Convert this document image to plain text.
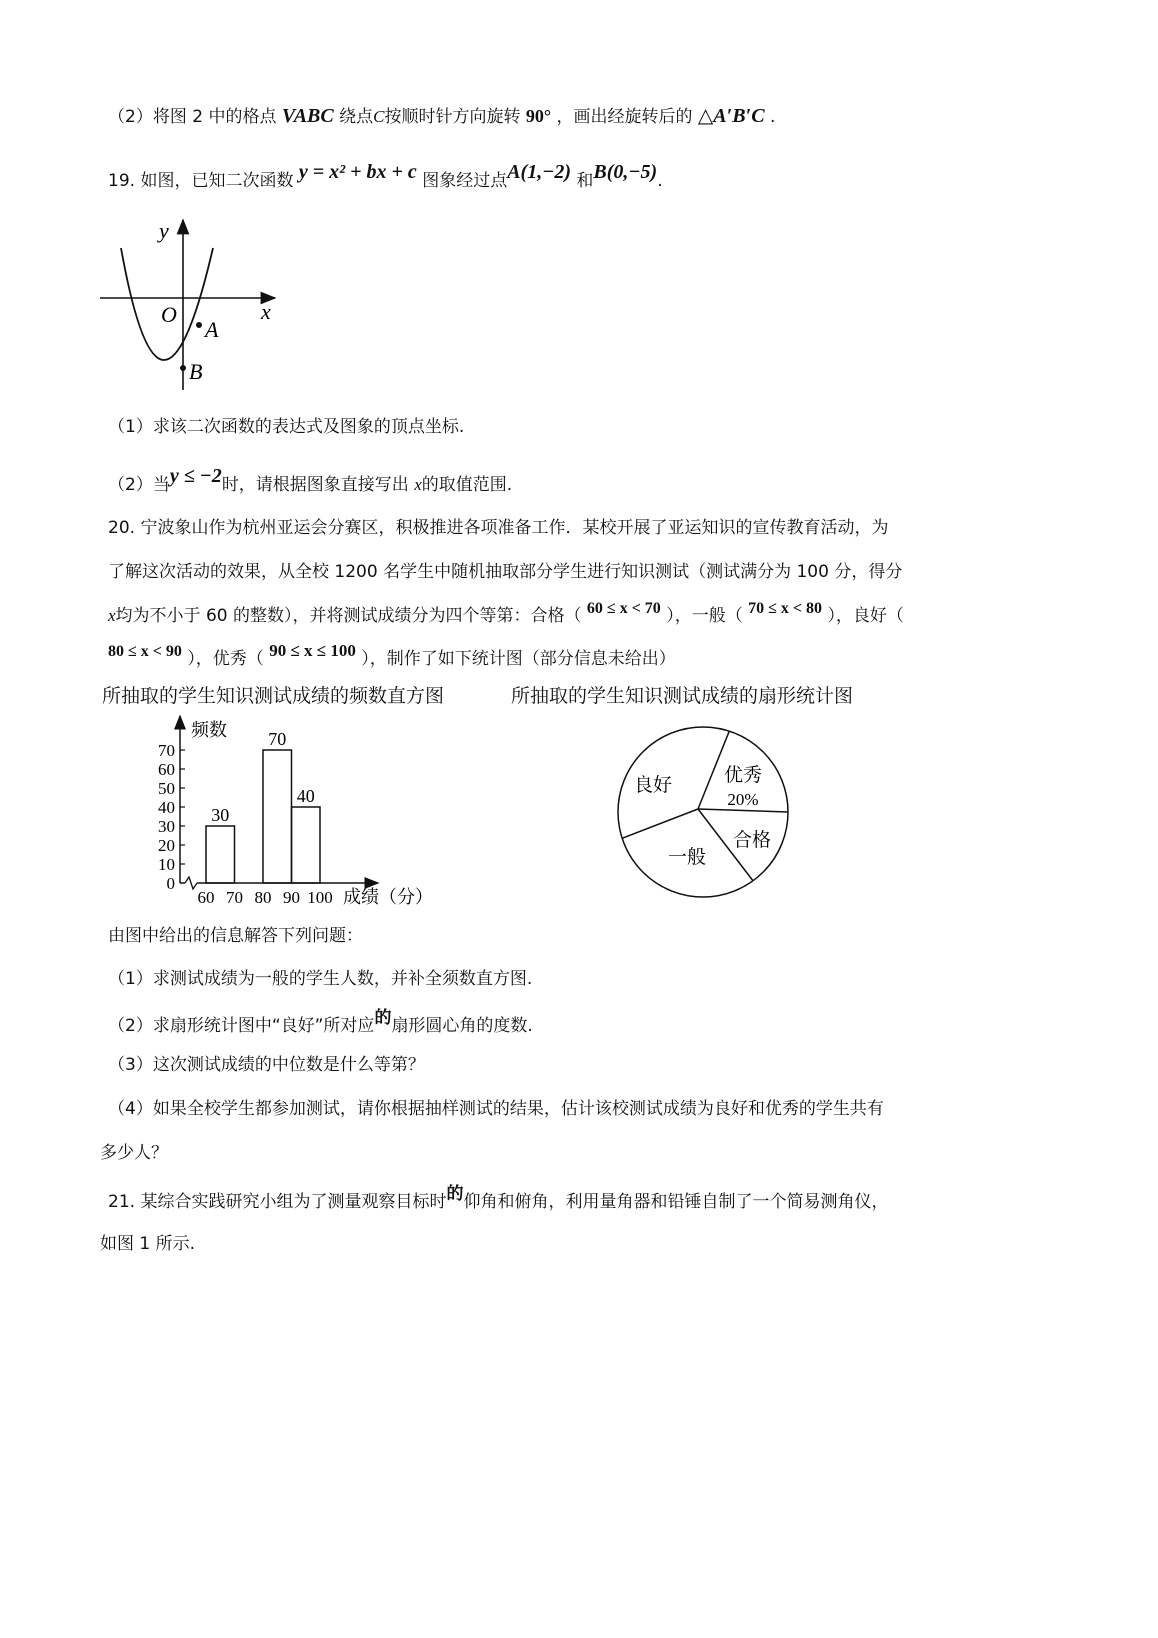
（2）将图 2 中的格点 VABC 绕点C按顺时针方向旋转 90° ，画出经旋转后的 △A′B′C .
19. 如图，已知二次函数 y = x² + bx + c 图象经过点A(1,−2) 和B(0,−5).
y
x
O
A
B
（1）求该二次函数的表达式及图象的顶点坐标.
（2）当y ≤ −2时，请根据图象直接写出 x的取值范围.
20. 宁波象山作为杭州亚运会分赛区，积极推进各项准备工作．某校开展了亚运知识的宣传教育活动，为
了解这次活动的效果，从全校 1200 名学生中随机抽取部分学生进行知识测试（测试满分为 100 分，得分
x均为不小于 60 的整数），并将测试成绩分为四个等第：合格（ 60 ≤ x < 70 ），一般（ 70 ≤ x < 80 ），良好（
80 ≤ x < 90 ），优秀（ 90 ≤ x ≤ 100 ），制作了如下统计图（部分信息未给出）
所抽取的学生知识测试成绩的频数直方图	所抽取的学生知识测试成绩的扇形统计图
频数
成绩（分）
0
10
20
30
40
50
60
70
60 70 80 90 100
30
70
40	良好	优秀
20%
合格
一般
由图中给出的信息解答下列问题：
（1）求测试成绩为一般的学生人数，并补全须数直方图.
（2）求扇形统计图中“良好”所对应的扇形圆心角的度数.
（3）这次测试成绩的中位数是什么等第？
（4）如果全校学生都参加测试，请你根据抽样测试的结果，估计该校测试成绩为良好和优秀的学生共有
多少人？
21. 某综合实践研究小组为了测量观察目标时的仰角和俯角，利用量角器和铅锤自制了一个简易测角仪，
如图 1 所示.
